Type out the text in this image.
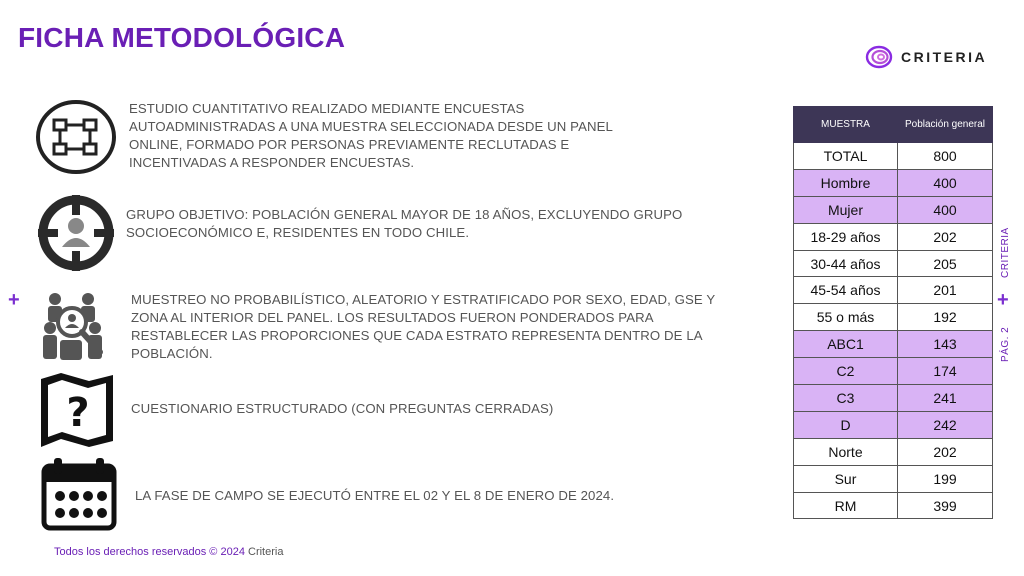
FICHA METODOLÓGICA
CRITERIA
ESTUDIO CUANTITATIVO REALIZADO MEDIANTE ENCUESTAS AUTOADMINISTRADAS A UNA MUESTRA SELECCIONADA DESDE UN PANEL ONLINE, FORMADO POR PERSONAS PREVIAMENTE RECLUTADAS E INCENTIVADAS A RESPONDER ENCUESTAS.
GRUPO OBJETIVO: POBLACIÓN GENERAL MAYOR DE 18 AÑOS, EXCLUYENDO GRUPO SOCIOECONÓMICO E, RESIDENTES EN TODO CHILE.
+	MUESTREO NO PROBABILÍSTICO, ALEATORIO Y ESTRATIFICADO POR SEXO, EDAD, GSE Y ZONA AL INTERIOR DEL PANEL. LOS RESULTADOS FUERON PONDERADOS PARA RESTABLECER LAS PROPORCIONES QUE CADA ESTRATO REPRESENTA DENTRO DE LA POBLACIÓN.
?	CUESTIONARIO ESTRUCTURADO (CON PREGUNTAS CERRADAS)
LA FASE DE CAMPO SE EJECUTÓ ENTRE EL 02 Y EL 8 DE ENERO DE 2024.
MUESTRA	Población general
TOTAL	800
Hombre	400
Mujer	400
18-29 años	202
30-44 años	205
45-54 años	201
55 o más	192
ABC1	143
C2	174
C3	241
D	242
Norte	202
Sur	199
RM	399
CRITERIA
+
PÁG. 2
Todos los derechos reservados © 2024 Criteria
